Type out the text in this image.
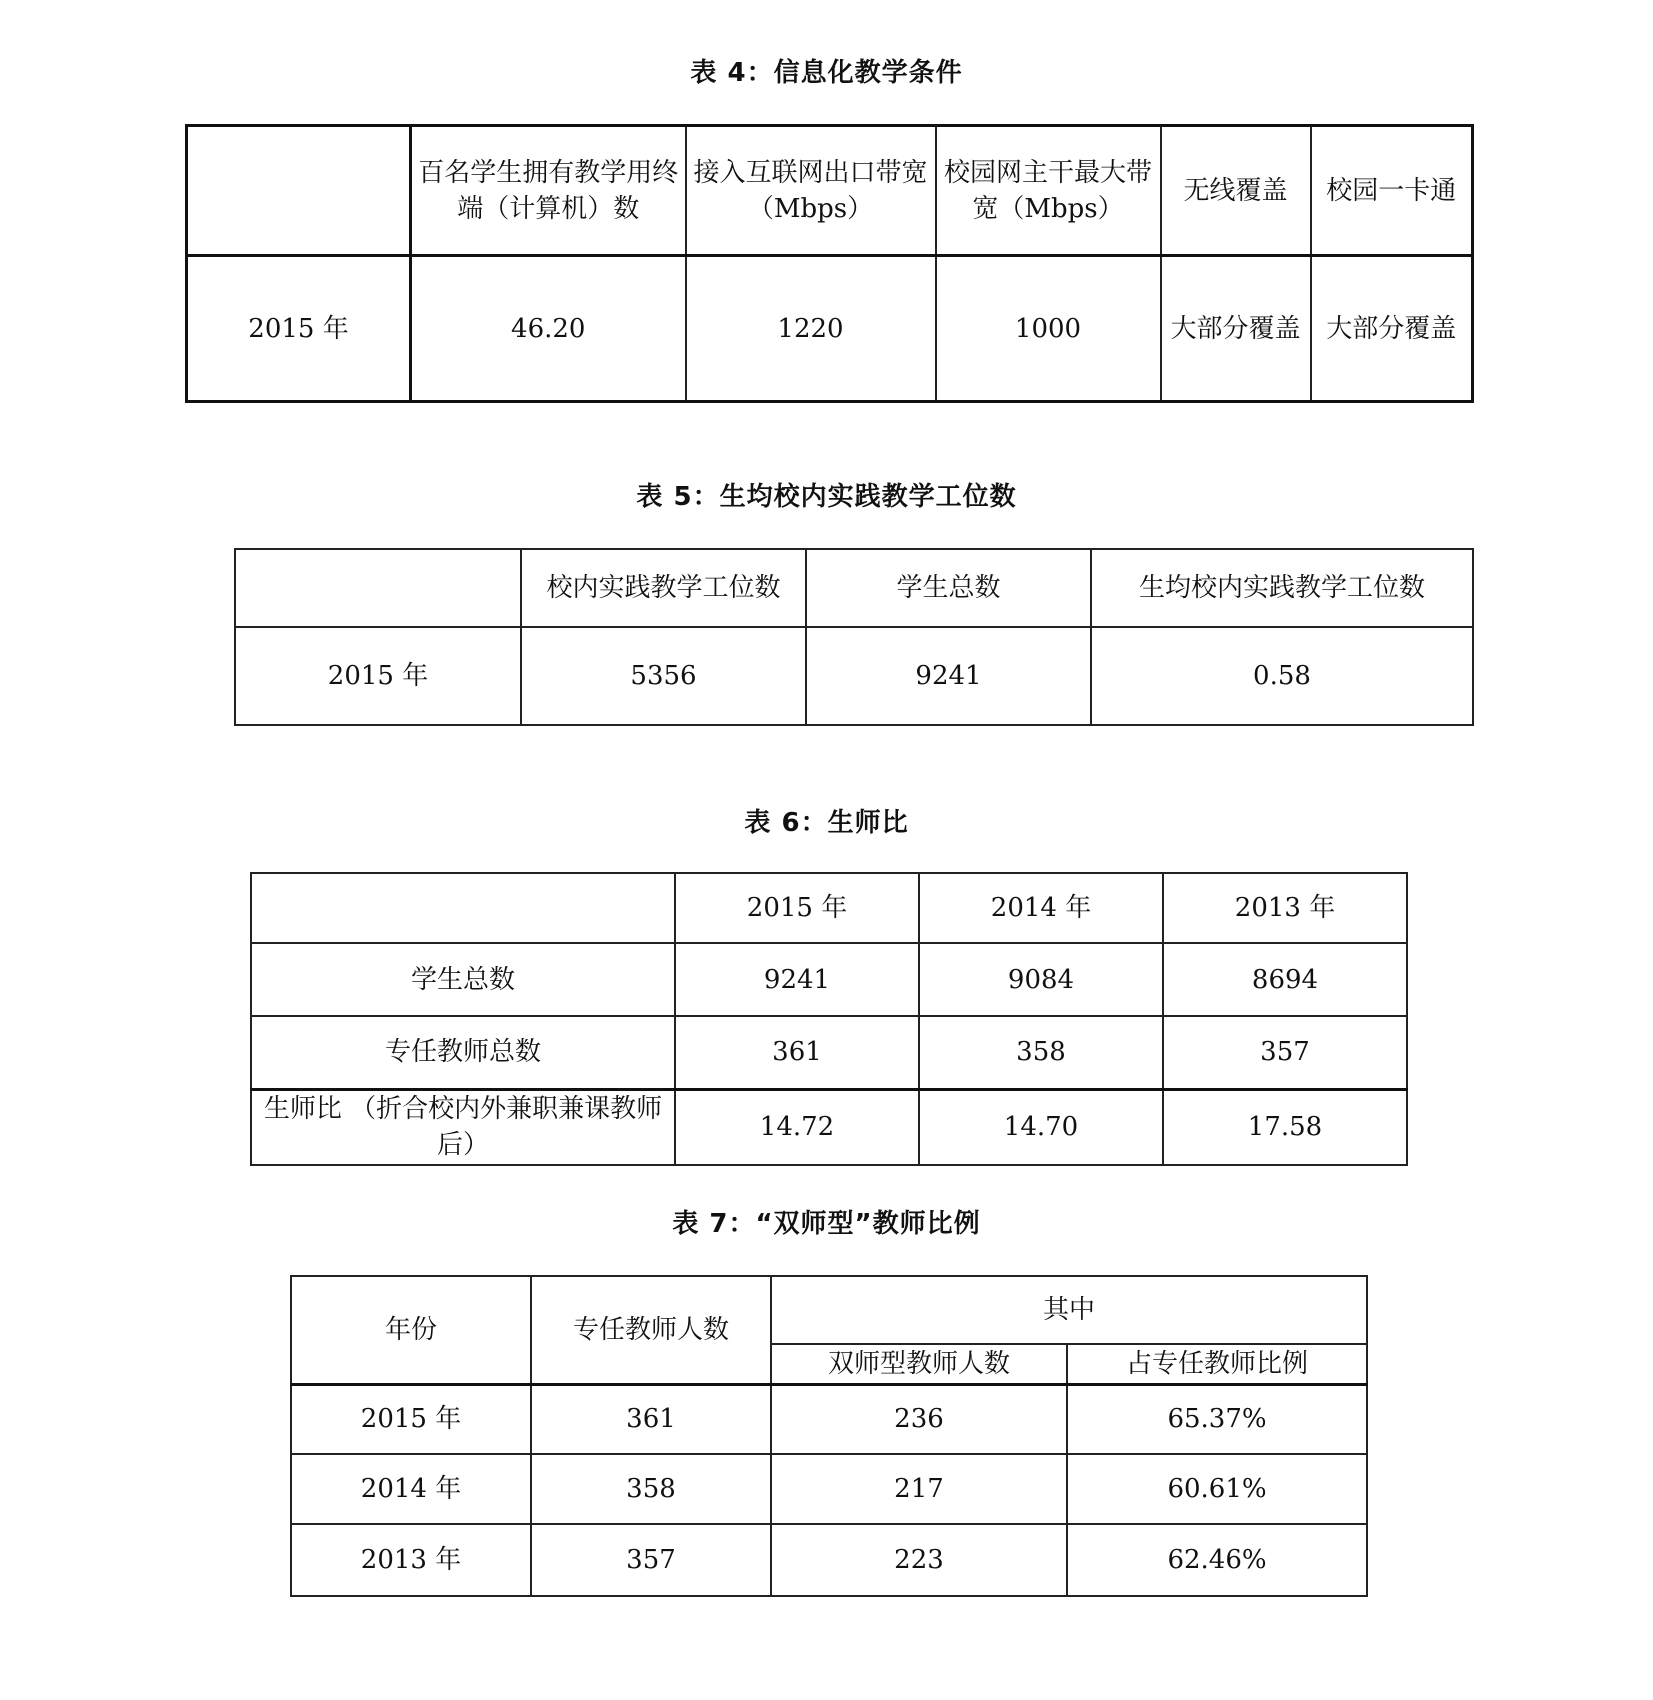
表 4：信息化教学条件
	百名学生拥有教学用终端（计算机）数	接入互联网出口带宽（Mbps）	校园网主干最大带宽（Mbps）	无线覆盖	校园一卡通
2015 年	46.20	1220	1000	大部分覆盖	大部分覆盖
表 5：生均校内实践教学工位数
	校内实践教学工位数	学生总数	生均校内实践教学工位数
2015 年	5356	9241	0.58
表 6：生师比
	2015 年	2014 年	2013 年
学生总数	9241	9084	8694
专任教师总数	361	358	357
生师比 （折合校内外兼职兼课教师后）	14.72	14.70	17.58
表 7：“双师型”教师比例
年份	专任教师人数	其中	
		双师型教师人数	占专任教师比例
2015 年	361	236	65.37%
2014 年	358	217	60.61%
2013 年	357	223	62.46%
